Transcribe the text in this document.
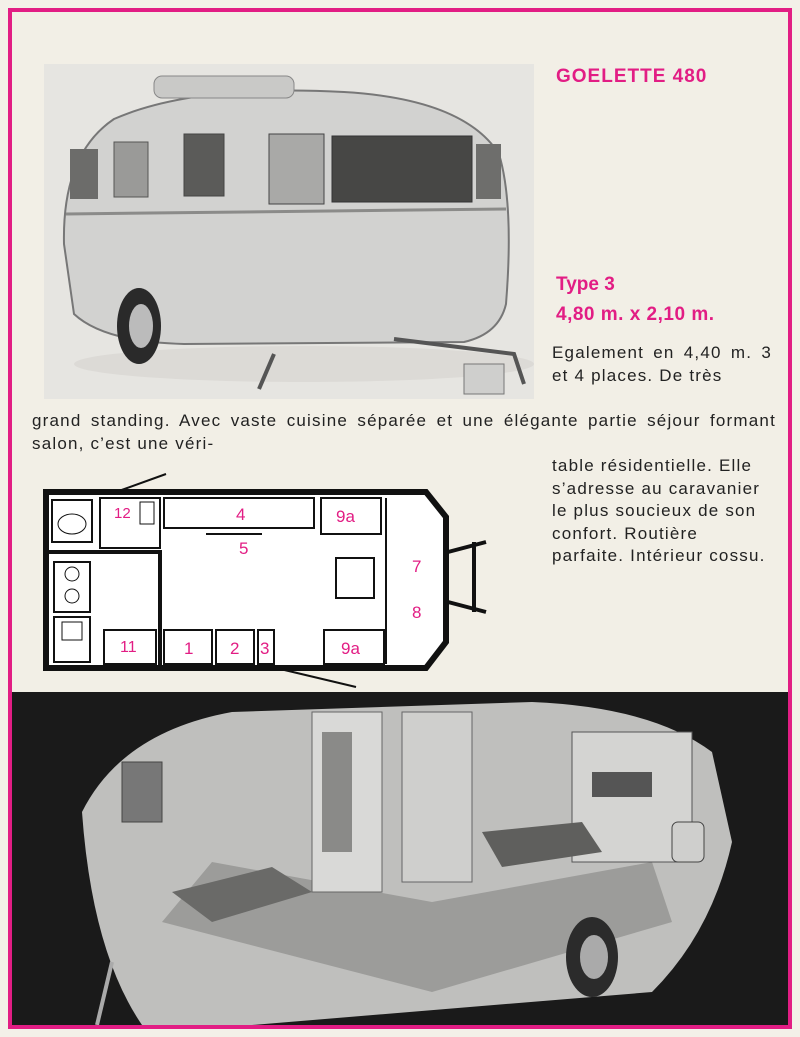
GOELETTE 480
Type 3
4,80 m. x 2,10 m.
Egalement en 4,40 m. 3 et 4 places. De très
grand standing. Avec vaste cuisine séparée et une élégante partie séjour formant salon, c’est une véri-
table résidentielle. Elle s’adresse au caravanier le plus soucieux de son confort. Routière parfaite. Intérieur cossu.
12	4	9a
5
7
8
11	1 2 3	9a
